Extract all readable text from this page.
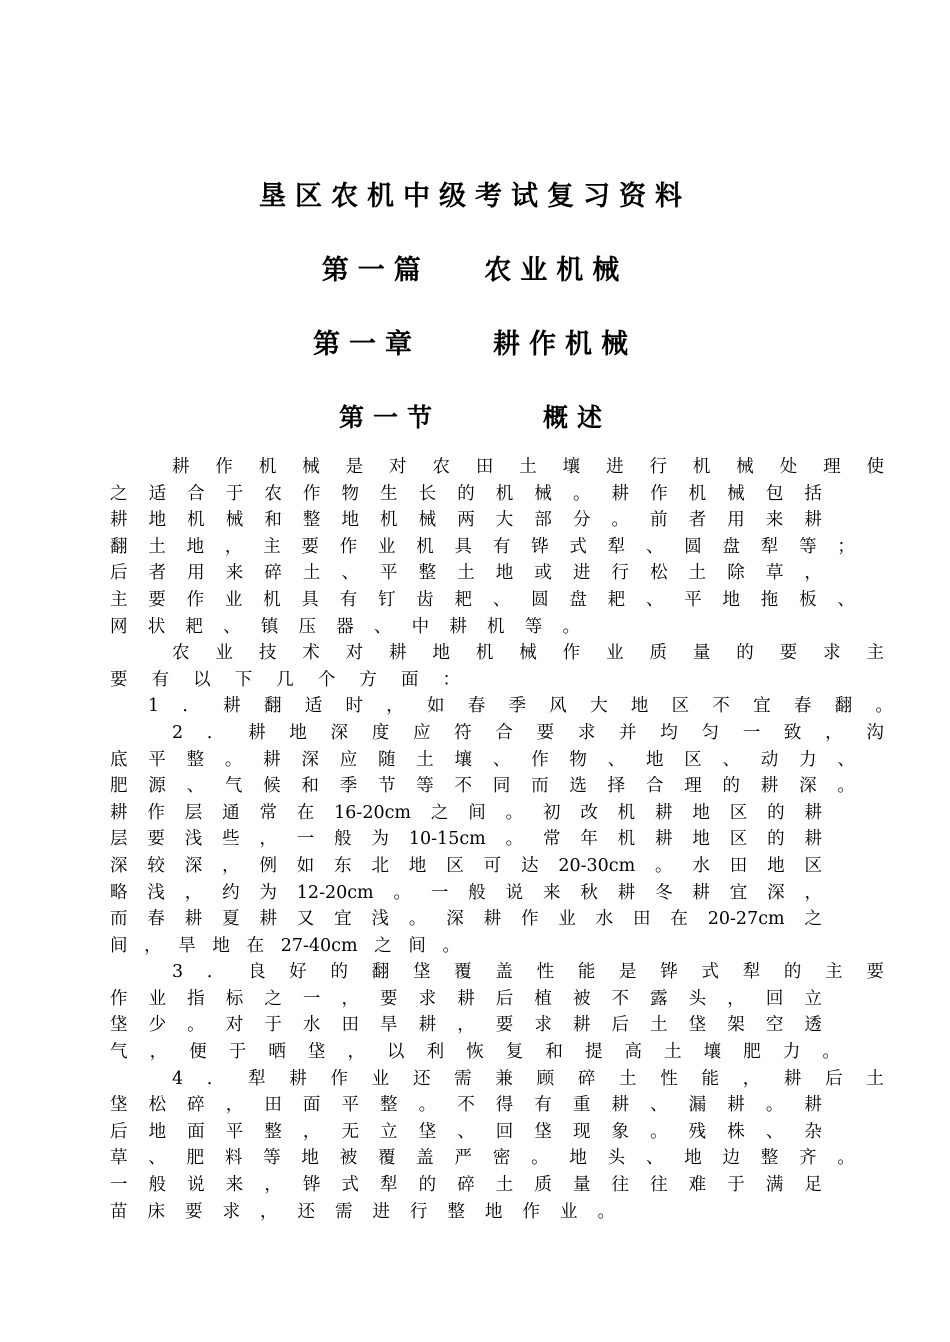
垦区农机中级考试复习资料
第一篇　 农业机械
第一章　　耕作机械
第一节　　　概述
耕 作 机 械 是 对 农 田 土 壤 进 行 机 械 处 理 使
之 适 合 于 农 作 物 生 长 的 机 械 。 耕 作 机 械 包 括
耕 地 机 械 和 整 地 机 械 两 大 部 分 。 前 者 用 来 耕
翻 土 地 ， 主 要 作 业 机 具 有 铧 式 犁 、 圆 盘 犁 等 ；
后 者 用 来 碎 土 、 平 整 土 地 或 进 行 松 土 除 草 ，
主 要 作 业 机 具 有 钉 齿 耙 、 圆 盘 耙 、 平 地 拖 板 、
网 状 耙 、 镇 压 器 、 中 耕 机 等 。
农 业 技 术 对 耕 地 机 械 作 业 质 量 的 要 求 主
要 有 以 下 几 个 方 面 ：
1 ． 耕 翻 适 时 ， 如 春 季 风 大 地 区 不 宜 春 翻 。
2 ． 耕 地 深 度 应 符 合 要 求 并 均 匀 一 致 ， 沟
底 平 整 。 耕 深 应 随 土 壤 、 作 物 、 地 区 、 动 力 、
肥 源 、 气 候 和 季 节 等 不 同 而 选 择 合 理 的 耕 深 。
耕 作 层 通 常 在 16-20cm 之 间 。 初 改 机 耕 地 区 的 耕
层 要 浅 些 ， 一 般 为 10-15cm 。 常 年 机 耕 地 区 的 耕
深 较 深 ， 例 如 东 北 地 区 可 达 20-30cm 。 水 田 地 区
略 浅 ， 约 为 12-20cm 。 一 般 说 来 秋 耕 冬 耕 宜 深 ，
而 春 耕 夏 耕 又 宜 浅 。 深 耕 作 业 水 田 在 20-27cm 之
间 ， 旱 地 在 27-40cm 之 间 。
3 ． 良 好 的 翻 垡 覆 盖 性 能 是 铧 式 犁 的 主 要
作 业 指 标 之 一 ， 要 求 耕 后 植 被 不 露 头 ， 回 立
垡 少 。 对 于 水 田 旱 耕 ， 要 求 耕 后 土 垡 架 空 透
气 ， 便 于 晒 垡 ， 以 利 恢 复 和 提 高 土 壤 肥 力 。
4 ． 犁 耕 作 业 还 需 兼 顾 碎 土 性 能 ， 耕 后 土
垡 松 碎 ， 田 面 平 整 。 不 得 有 重 耕 、 漏 耕 。 耕
后 地 面 平 整 ， 无 立 垡 、 回 垡 现 象 。 残 株 、 杂
草 、 肥 料 等 地 被 覆 盖 严 密 。 地 头 、 地 边 整 齐 。
一 般 说 来 ， 铧 式 犁 的 碎 土 质 量 往 往 难 于 满 足
苗 床 要 求 ， 还 需 进 行 整 地 作 业 。
